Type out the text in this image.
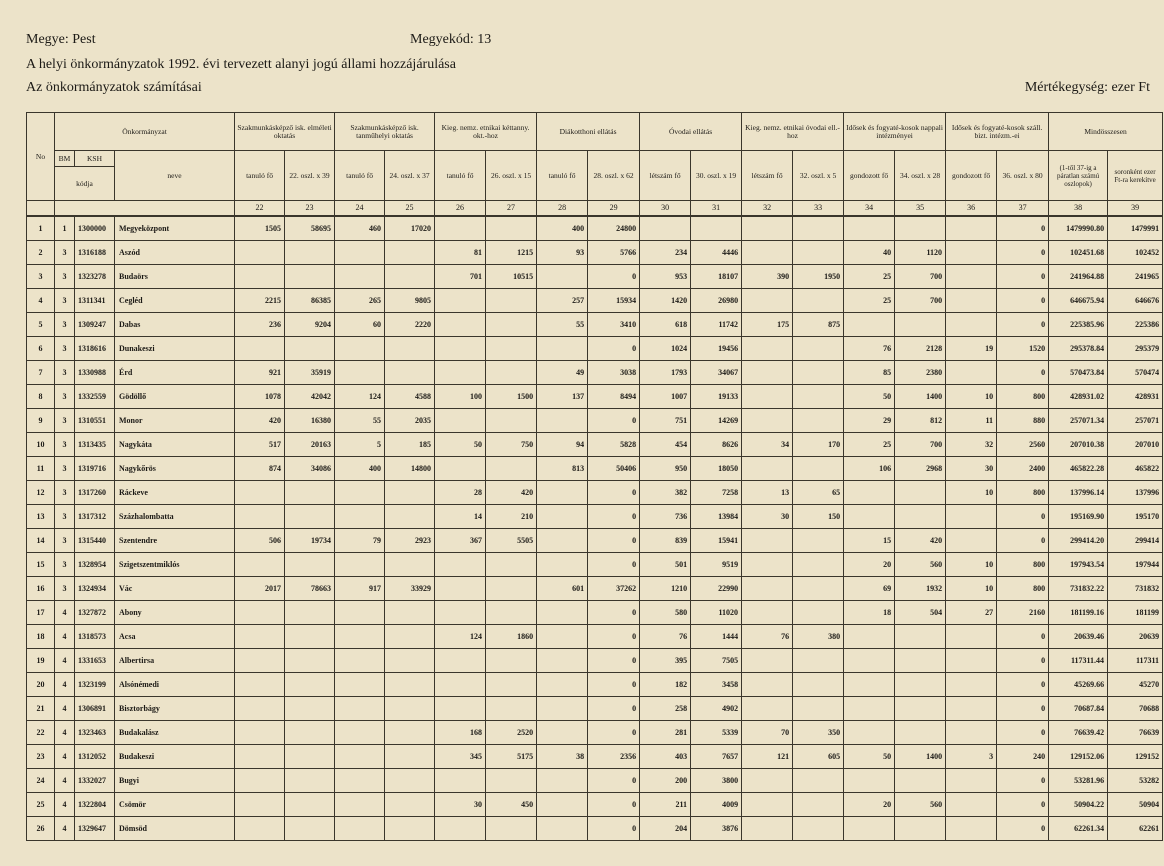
Megye: Pest	Megyekód: 13
A helyi önkormányzatok 1992. évi tervezett alanyi jogú állami hozzájárulása
Az önkormányzatok számításai	Mértékegység: ezer Ft
No	Önkormányzat			Szakmunkásképző isk. elméleti oktatás		Szakmunkásképző isk. tanműhelyi oktatás		Kieg. nemz. etnikai kéttanny. okt.-hoz		Diákotthoni ellátás		Óvodai ellátás		Kieg. nemz. etnikai óvodai ell.-hoz		Idősek és fogyaté-kosok nappali intézményei		Idősek és fogyaté-kosok száll. bizt. intézm.-ei		Mindösszesen	
	BM	KSH	neve	tanuló fő	22. oszl. x 39	tanuló fő	24. oszl. x 37	tanuló fő	26. oszl. x 15	tanuló fő	28. oszl. x 62	létszám fő	30. oszl. x 19	létszám fő	32. oszl. x 5	gondozott fő	34. oszl. x 28	gondozott fő	36. oszl. x 80	(1-től 37-ig a páratlan számú oszlopok)	soronként ezer Ft-ra kerekítve
	kódja																				
				22	23	24	25	26	27	28	29	30	31	32	33	34	35	36	37	38	39
1	1	1300000	Megyeközpont	1505	58695	460	17020			400	24800								0	1479990.80	1479991
2	3	1316188	Aszód					81	1215	93	5766	234	4446			40	1120		0	102451.68	102452
3	3	1323278	Budaörs					701	10515		0	953	18107	390	1950	25	700		0	241964.88	241965
4	3	1311341	Cegléd	2215	86385	265	9805			257	15934	1420	26980			25	700		0	646675.94	646676
5	3	1309247	Dabas	236	9204	60	2220			55	3410	618	11742	175	875				0	225385.96	225386
6	3	1318616	Dunakeszi								0	1024	19456			76	2128	19	1520	295378.84	295379
7	3	1330988	Érd	921	35919					49	3038	1793	34067			85	2380		0	570473.84	570474
8	3	1332559	Gödöllő	1078	42042	124	4588	100	1500	137	8494	1007	19133			50	1400	10	800	428931.02	428931
9	3	1310551	Monor	420	16380	55	2035				0	751	14269			29	812	11	880	257071.34	257071
10	3	1313435	Nagykáta	517	20163	5	185	50	750	94	5828	454	8626	34	170	25	700	32	2560	207010.38	207010
11	3	1319716	Nagykőrös	874	34086	400	14800			813	50406	950	18050			106	2968	30	2400	465822.28	465822
12	3	1317260	Ráckeve					28	420		0	382	7258	13	65			10	800	137996.14	137996
13	3	1317312	Százhalombatta					14	210		0	736	13984	30	150				0	195169.90	195170
14	3	1315440	Szentendre	506	19734	79	2923	367	5505		0	839	15941			15	420		0	299414.20	299414
15	3	1328954	Szigetszentmiklós								0	501	9519			20	560	10	800	197943.54	197944
16	3	1324934	Vác	2017	78663	917	33929			601	37262	1210	22990			69	1932	10	800	731832.22	731832
17	4	1327872	Abony								0	580	11020			18	504	27	2160	181199.16	181199
18	4	1318573	Acsa					124	1860		0	76	1444	76	380				0	20639.46	20639
19	4	1331653	Albertirsa								0	395	7505						0	117311.44	117311
20	4	1323199	Alsónémedi								0	182	3458						0	45269.66	45270
21	4	1306891	Bisztorbágy								0	258	4902						0	70687.84	70688
22	4	1323463	Budakalász					168	2520		0	281	5339	70	350				0	76639.42	76639
23	4	1312052	Budakeszi					345	5175	38	2356	403	7657	121	605	50	1400	3	240	129152.06	129152
24	4	1332027	Bugyi								0	200	3800						0	53281.96	53282
25	4	1322804	Csömör					30	450		0	211	4009			20	560		0	50904.22	50904
26	4	1329647	Dömsöd								0	204	3876						0	62261.34	62261
